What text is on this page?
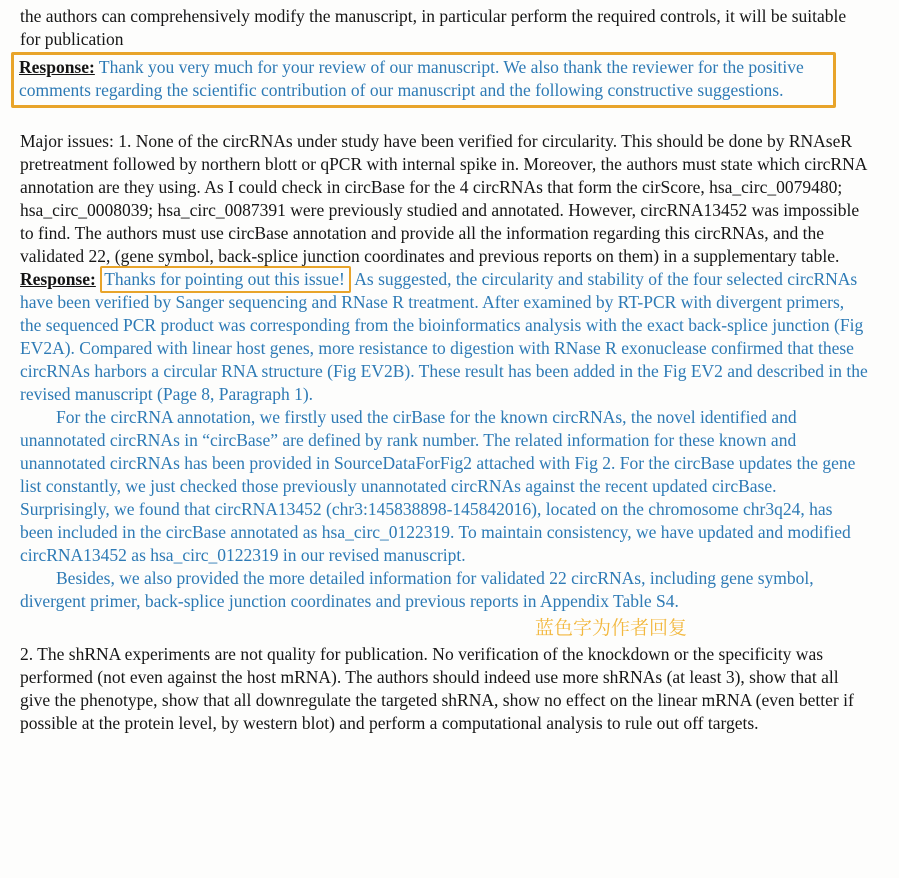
the authors can comprehensively modify the manuscript, in particular perform the required controls, it will be suitable for publication

Response: Thank you very much for your review of our manuscript. We also thank the reviewer for the positive comments regarding the scientific contribution of our manuscript and the following constructive suggestions.

Major issues: 1. None of the circRNAs under study have been verified for circularity. This should be done by RNAseR pretreatment followed by northern blott or qPCR with internal spike in. Moreover, the authors must state which circRNA annotation are they using. As I could check in circBase for the 4 circRNAs that form the cirScore, hsa_circ_0079480; hsa_circ_0008039; hsa_circ_0087391 were previously studied and annotated. However, circRNA13452 was impossible to find. The authors must use circBase annotation and provide all the information regarding this circRNAs, and the validated 22, (gene symbol, back-splice junction coordinates and previous reports on them) in a supplementary table.

Response: Thanks for pointing out this issue! As suggested, the circularity and stability of the four selected circRNAs have been verified by Sanger sequencing and RNase R treatment. After examined by RT-PCR with divergent primers, the sequenced PCR product was corresponding from the bioinformatics analysis with the exact back-splice junction (Fig EV2A). Compared with linear host genes, more resistance to digestion with RNase R exonuclease confirmed that these circRNAs harbors a circular RNA structure (Fig EV2B). These result has been added in the Fig EV2 and described in the revised manuscript (Page 8, Paragraph 1).

For the circRNA annotation, we firstly used the cirBase for the known circRNAs, the novel identified and unannotated circRNAs in “circBase” are defined by rank number. The related information for these known and unannotated circRNAs has been provided in SourceDataForFig2 attached with Fig 2. For the circBase updates the gene list constantly, we just checked those previously unannotated circRNAs against the recent updated circBase. Surprisingly, we found that circRNA13452 (chr3:145838898-145842016), located on the chromosome chr3q24, has been included in the circBase annotated as hsa_circ_0122319. To maintain consistency, we have updated and modified circRNA13452 as hsa_circ_0122319 in our revised manuscript.

Besides, we also provided the more detailed information for validated 22 circRNAs, including gene symbol, divergent primer, back-splice junction coordinates and previous reports in Appendix Table S4.

蓝色字为作者回复

2. The shRNA experiments are not quality for publication. No verification of the knockdown or the specificity was performed (not even against the host mRNA). The authors should indeed use more shRNAs (at least 3), show that all give the phenotype, show that all downregulate the targeted shRNA, show no effect on the linear mRNA (even better if possible at the protein level, by western blot) and perform a computational analysis to rule out off targets.
